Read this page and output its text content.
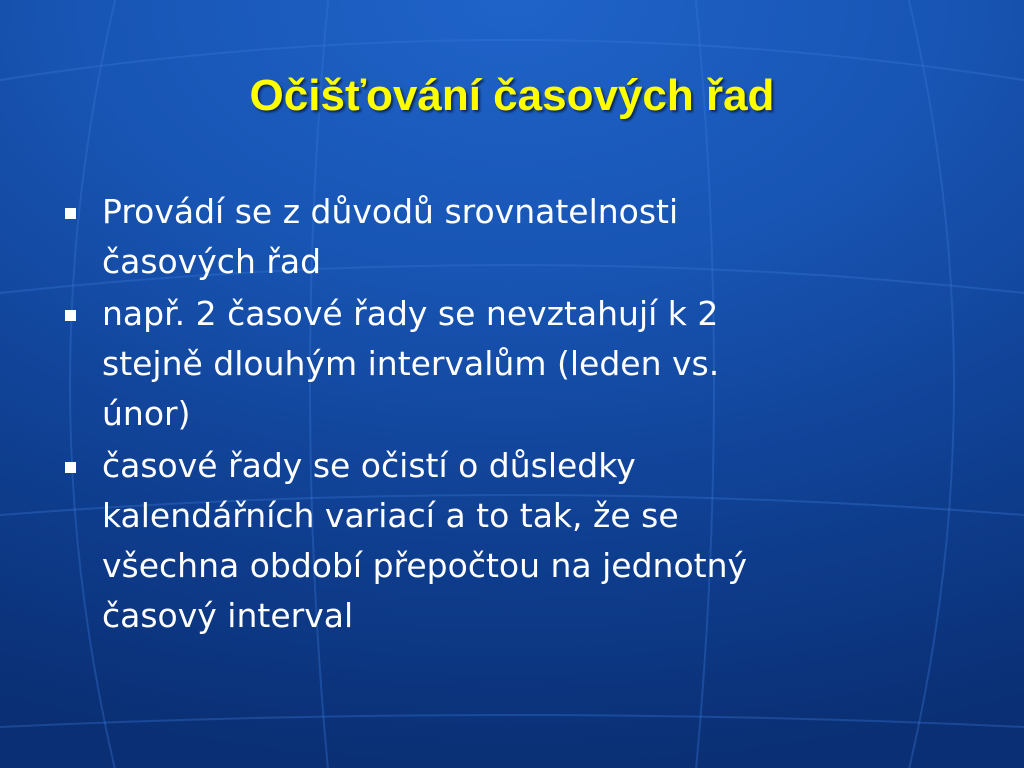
Očišťování časových řad
Provádí se z důvodů srovnatelnosti
časových řad
např. 2 časové řady se nevztahují k 2
stejně dlouhým intervalům (leden vs.
únor)
časové řady se očistí o důsledky
kalendářních variací a to tak, že se
všechna období přepočtou na jednotný
časový interval
